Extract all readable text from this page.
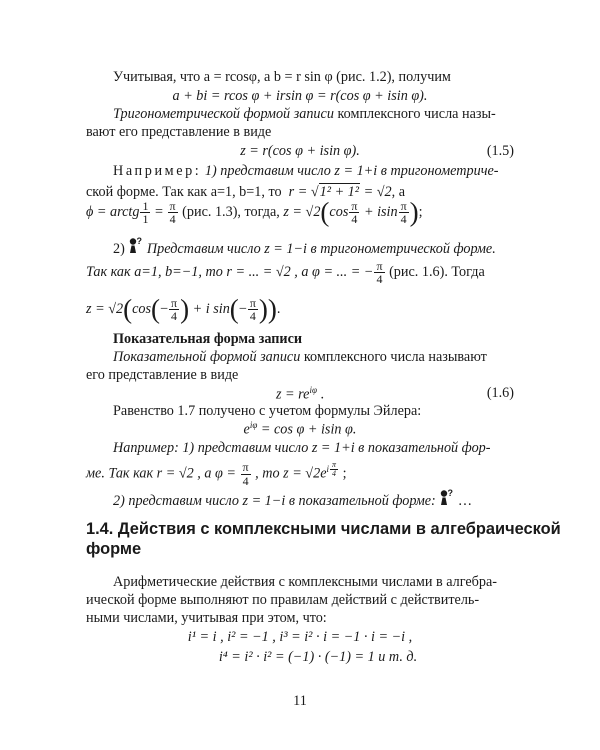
Учитывая, что a = rcosφ, a b = r sin φ (рис. 1.2), получим
a + bi = rcos φ + irsin φ = r(cos φ + isin φ).
Тригонометрической формой записи комплексного числа назы-
вают его представление в виде
z = r(cos φ + isin φ).	(1.5)
Например: 1) представим число z = 1+i в тригонометриче-
ской форме. Так как a=1, b=1, то r = √1² + 1² = √2, а
ϕ = arctg $\frac{1}{1} = \frac{\pi}{4} (рис$. 1.3), тогда, $z = √2(\cos \frac{\pi}{4} + isin \frac{\pi}{4}$ );
2) ? Представим число z = 1−i в тригонометрической форме.
Так как a=1, b=−1, то r = ... = √2 , а φ = ... = − $\frac{\pi}{4} (рис$. 1.6). Тогда
$z = √2(\cos(- \frac{\pi}{4}$ ) + i $\sin(- \frac{\pi}{4}$ )).
Показательная форма записи
Показательной формой записи комплексного числа называют
его представление в виде
$z = re^{i\varphi}$ .	(1.6)
Равенство 1.7 получено с учетом формулы Эйлера:
$e^{i\varphi} = \cos \varphi + isin$ φ.
Например: 1) представим число z = 1+i в показательной фор-
ме. Так как r = √2 , а $\varphi = \frac{\pi}{4}$ , то $z = √2e^{i \frac{\pi}{4}}$ ;
2) представим число z = 1−i в показательной форме: ? …
1.4. Действия с комплексными числами в алгебраической
форме
Арифметические действия с комплексными числами в алгебра-
ической форме выполняют по правилам действий с действитель-
ными числами, учитывая при этом, что:
i¹ = i , i² = −1 , i³ = i² · i = −1 · i = −i ,
i⁴ = i² · i² = (−1) · (−1) = 1 и т. д.
11
